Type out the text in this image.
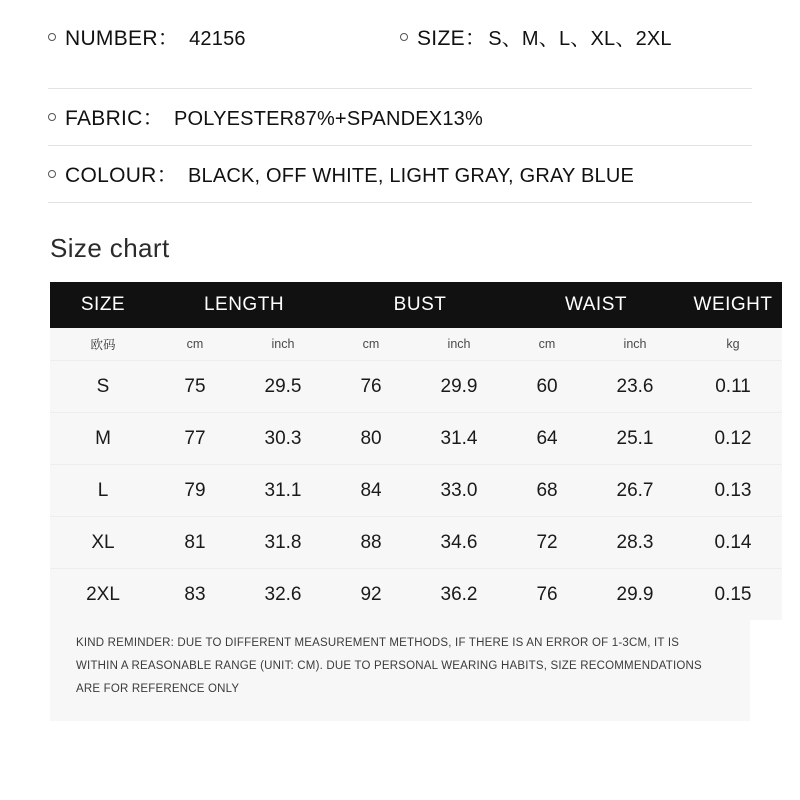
NUMBER： 42156	SIZE： S、M、L、XL、2XL
FABRIC： POLYESTER87%+SPANDEX13%
COLOUR： BLACK, OFF WHITE, LIGHT GRAY, GRAY BLUE
Size chart
SIZE	LENGTH		BUST		WAIST		WEIGHT
欧码	cm	inch	cm	inch	cm	inch	kg
S	75	29.5	76	29.9	60	23.6	0.11
M	77	30.3	80	31.4	64	25.1	0.12
L	79	31.1	84	33.0	68	26.7	0.13
XL	81	31.8	88	34.6	72	28.3	0.14
2XL	83	32.6	92	36.2	76	29.9	0.15
KIND REMINDER: DUE TO DIFFERENT MEASUREMENT METHODS, IF THERE IS AN ERROR OF 1-3CM, IT IS WITHIN A REASONABLE RANGE (UNIT: CM). DUE TO PERSONAL WEARING HABITS, SIZE RECOMMENDATIONS ARE FOR REFERENCE ONLY
